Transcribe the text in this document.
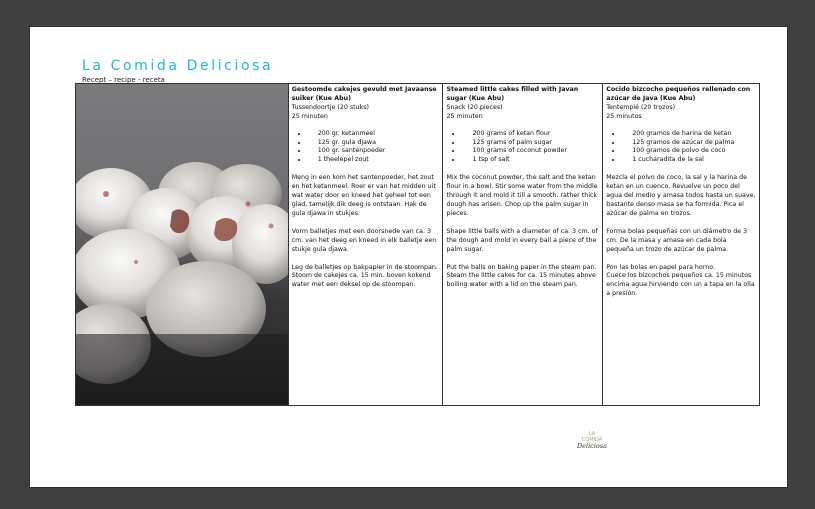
La Comida Deliciosa
Recept – recipe - receta
Gestoomde cakejes gevuld met Javaanse suiker (Kue Abu)

Tussendoortje (20 stuks)

25 minuten

• 200 gr. ketanmeel
• 125 gr. gula djawa
• 100 gr. santenpoeder
• 1 theelepel zout

Meng in een kom het santenpoeder, het zout en het ketanmeel. Roer er van het midden uit wat water door en kneed het geheel tot een glad, tamelijk dik deeg is ontstaan. Hak de gula djawa in stukjes.

Vorm balletjes met een doorsnede van ca. 3 cm. van het deeg en kneed in elk balletje een stukje gula djawa.

Leg de balletjes op bakpapier in de stoompan. Stoom de cakejes ca. 15 min. boven kokend water met een deksel op de stoompan.

Steamed little cakes filled with Javan sugar (Kue Abu)

Snack (20 pieces)

25 minuten

• 200 grams of ketan flour
• 125 grams of palm sugar
• 100 grams of coconut powder
• 1 tsp of salt

Mix the coconut powder, the salt and the ketan flour in a bowl. Stir some water from the middle through it and mold it till a smooth, rather thick dough has arisen. Chop up the palm sugar in pieces.

Shape little balls with a diameter of ca. 3 cm. of the dough and mold in every ball a piece of the palm sugar.

Put the balls on baking paper in the steam pan. Steam the little cakes for ca. 15 minutes above boiling water with a lid on the steam pan.

Cocido bizcocho pequeños rellenado con azúcar de Java (Kue Abu)

Tentempié (20 trozos)

25 minutos

• 200 gramos de harina de ketan
• 125 gramos de azúcar de palma
• 100 gramos de polvo de coco
• 1 cucharadita de la sal

Mezcla el polvo de coco, la sal y la harina de ketan en un cuenco. Revuelve un poco del agua del medio y amasa todos hasta un suave, bastante denso masa se ha formida. Pica el azúcar de palma en trozos.

Forma bolas pequeñas con un diámetro de 3 cm. De la masa y amasa en cada bola pequeña un trozo de azúcar de palma.

Pon las bolas en papel para horno.
Cuece los bizcochos pequeños ca. 15 minutos encima agua hirviendo con un a tapa en la olla a presión.

LA
COMIDA
Deliciosa
